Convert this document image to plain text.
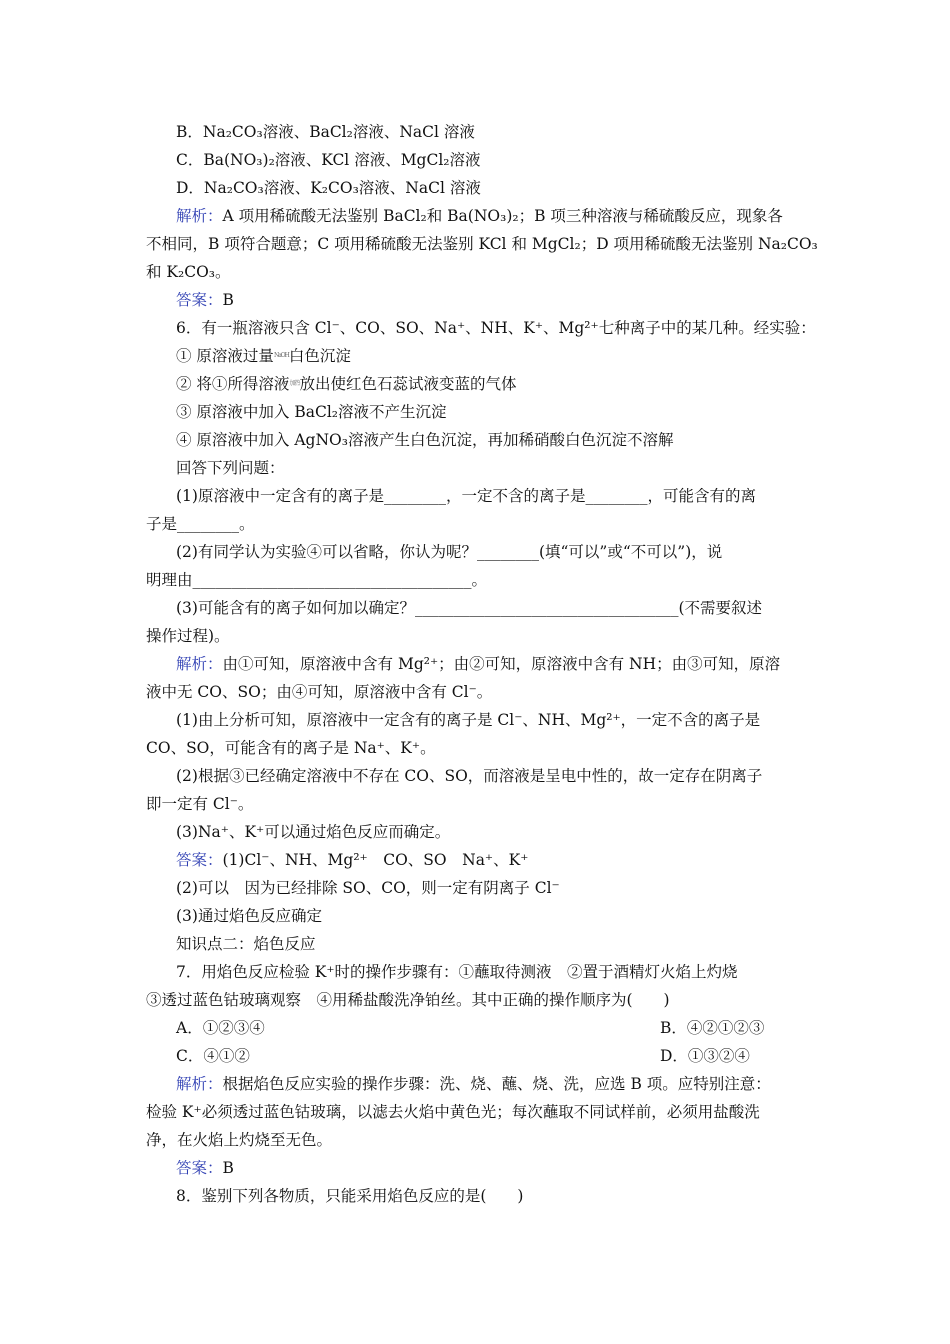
B．Na₂CO₃溶液、BaCl₂溶液、NaCl 溶液
C．Ba(NO₃)₂溶液、KCl 溶液、MgCl₂溶液
D．Na₂CO₃溶液、K₂CO₃溶液、NaCl 溶液
解析：A 项用稀硫酸无法鉴别 BaCl₂和 Ba(NO₃)₂；B 项三种溶液与稀硫酸反应，现象各
不相同，B 项符合题意；C 项用稀硫酸无法鉴别 KCl 和 MgCl₂；D 项用稀硫酸无法鉴别 Na₂CO₃
和 K₂CO₃。
答案：B
6．有一瓶溶液只含 Cl⁻、CO、SO、Na⁺、NH、K⁺、Mg²⁺七种离子中的某几种。经实验：
① 原溶液过量$^{NaOH}$白色沉淀
② 将①所得溶液$^{加热}$放出使红色石蕊试液变蓝的气体
③ 原溶液中加入 BaCl₂溶液不产生沉淀
④ 原溶液中加入 AgNO₃溶液产生白色沉淀，再加稀硝酸白色沉淀不溶解
回答下列问题：
(1)原溶液中一定含有的离子是________，一定不含的离子是________，可能含有的离
子是________。
(2)有同学认为实验④可以省略，你认为呢？________(填“可以”或“不可以”)，说
明理由____________________________________。
(3)可能含有的离子如何加以确定？__________________________________(不需要叙述
操作过程)。
解析：由①可知，原溶液中含有 Mg²⁺；由②可知，原溶液中含有 NH；由③可知，原溶
液中无 CO、SO；由④可知，原溶液中含有 Cl⁻。
(1)由上分析可知，原溶液中一定含有的离子是 Cl⁻、NH、Mg²⁺，一定不含的离子是
CO、SO，可能含有的离子是 Na⁺、K⁺。
(2)根据③已经确定溶液中不存在 CO、SO，而溶液是呈电中性的，故一定存在阴离子
即一定有 Cl⁻。
(3)Na⁺、K⁺可以通过焰色反应而确定。
答案：(1)Cl⁻、NH、Mg²⁺　CO、SO　Na⁺、K⁺
(2)可以　因为已经排除 SO、CO，则一定有阴离子 Cl⁻
(3)通过焰色反应确定
知识点二：焰色反应
7．用焰色反应检验 K⁺时的操作步骤有：①蘸取待测液　②置于酒精灯火焰上灼烧
③透过蓝色钴玻璃观察　④用稀盐酸洗净铂丝。其中正确的操作顺序为(　　)
A．①②③④	B．④②①②③
C．④①②	D．①③②④
解析：根据焰色反应实验的操作步骤：洗、烧、蘸、烧、洗，应选 B 项。应特别注意：
检验 K⁺必须透过蓝色钴玻璃，以滤去火焰中黄色光；每次蘸取不同试样前，必须用盐酸洗
净，在火焰上灼烧至无色。
答案：B
8．鉴别下列各物质，只能采用焰色反应的是(　　)
